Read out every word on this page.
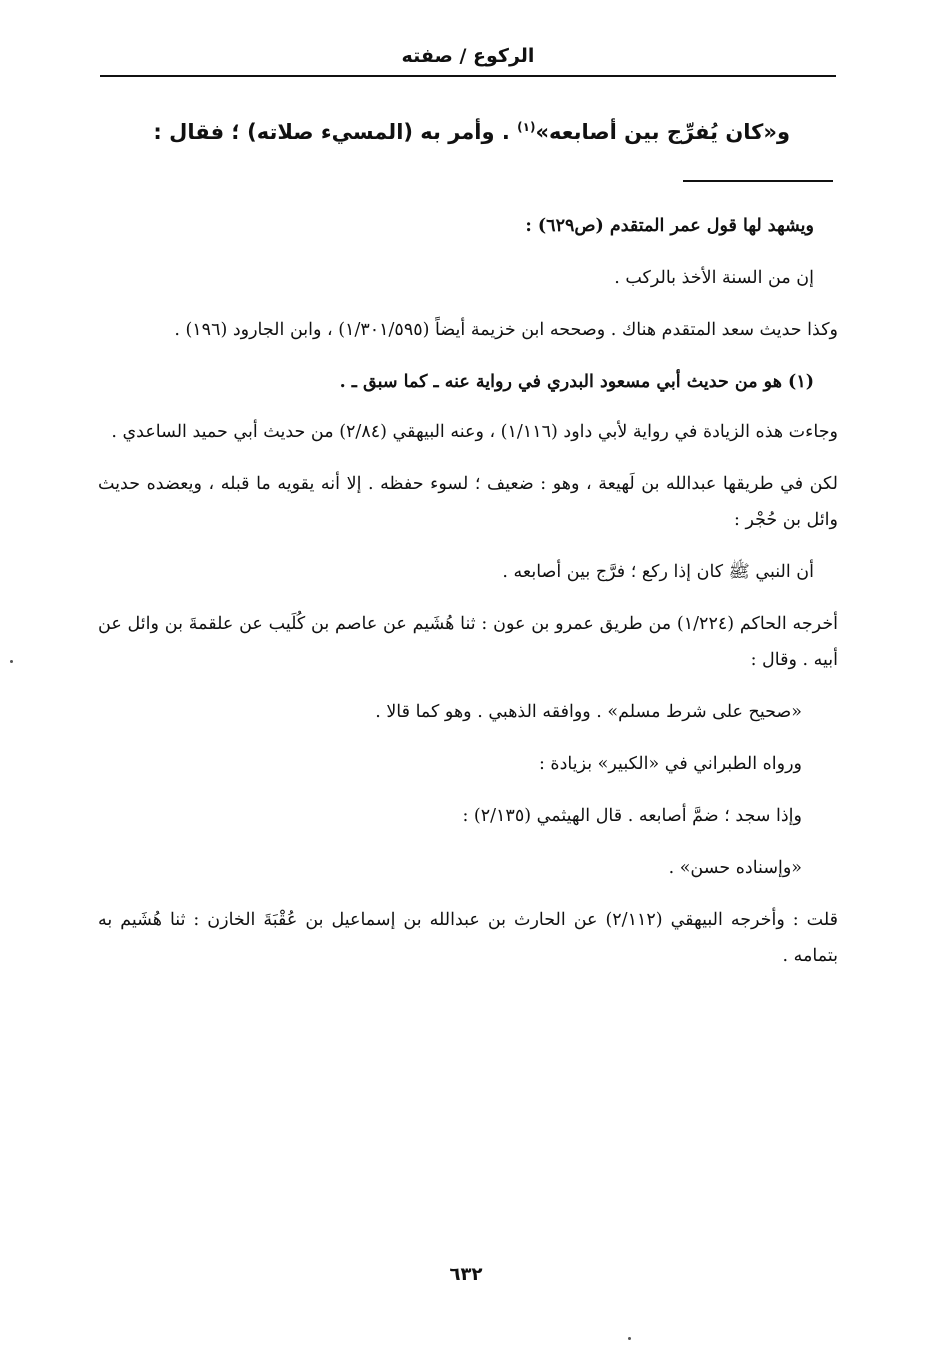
الركوع / صفته
و«كان يُفرِّج بين أصابعه»$^{(١)}$ . وأمر به (المسيء صلاته) ؛ فقال :

ويشهد لها قول عمر المتقدم (ص٦٢٩) :

إن من السنة الأخذ بالركب .

وكذا حديث سعد المتقدم هناك . وصححه ابن خزيمة أيضاً (١/٣٠١/٥٩٥) ، وابن الجارود (١٩٦) .

(١) هو من حديث أبي مسعود البدري في رواية عنه ـ كما سبق ـ .

وجاءت هذه الزيادة في رواية لأبي داود (١/١١٦) ، وعنه البيهقي (٢/٨٤) من حديث أبي حميد الساعدي .

لكن في طريقها عبدالله بن لَهيعة ، وهو : ضعيف ؛ لسوء حفظه . إلا أنه يقويه ما قبله ، ويعضده حديث وائل بن حُجْر :

أن النبي ﷺ كان إذا ركع ؛ فرَّج بين أصابعه .

أخرجه الحاكم (١/٢٢٤) من طريق عمرو بن عون : ثنا هُشَيم عن عاصم بن كُلَيب عن علقمةَ بن وائل عن أبيه . وقال :

«صحيح على شرط مسلم» . ووافقه الذهبي . وهو كما قالا .

ورواه الطبراني في «الكبير» بزيادة :

وإذا سجد ؛ ضمَّ أصابعه . قال الهيثمي (٢/١٣٥) :

«وإسناده حسن» .

قلت : وأخرجه البيهقي (٢/١١٢) عن الحارث بن عبدالله بن إسماعيل بن عُقْبَةَ الخازن : ثنا هُشَيم به بتمامه .

٦٣٢
